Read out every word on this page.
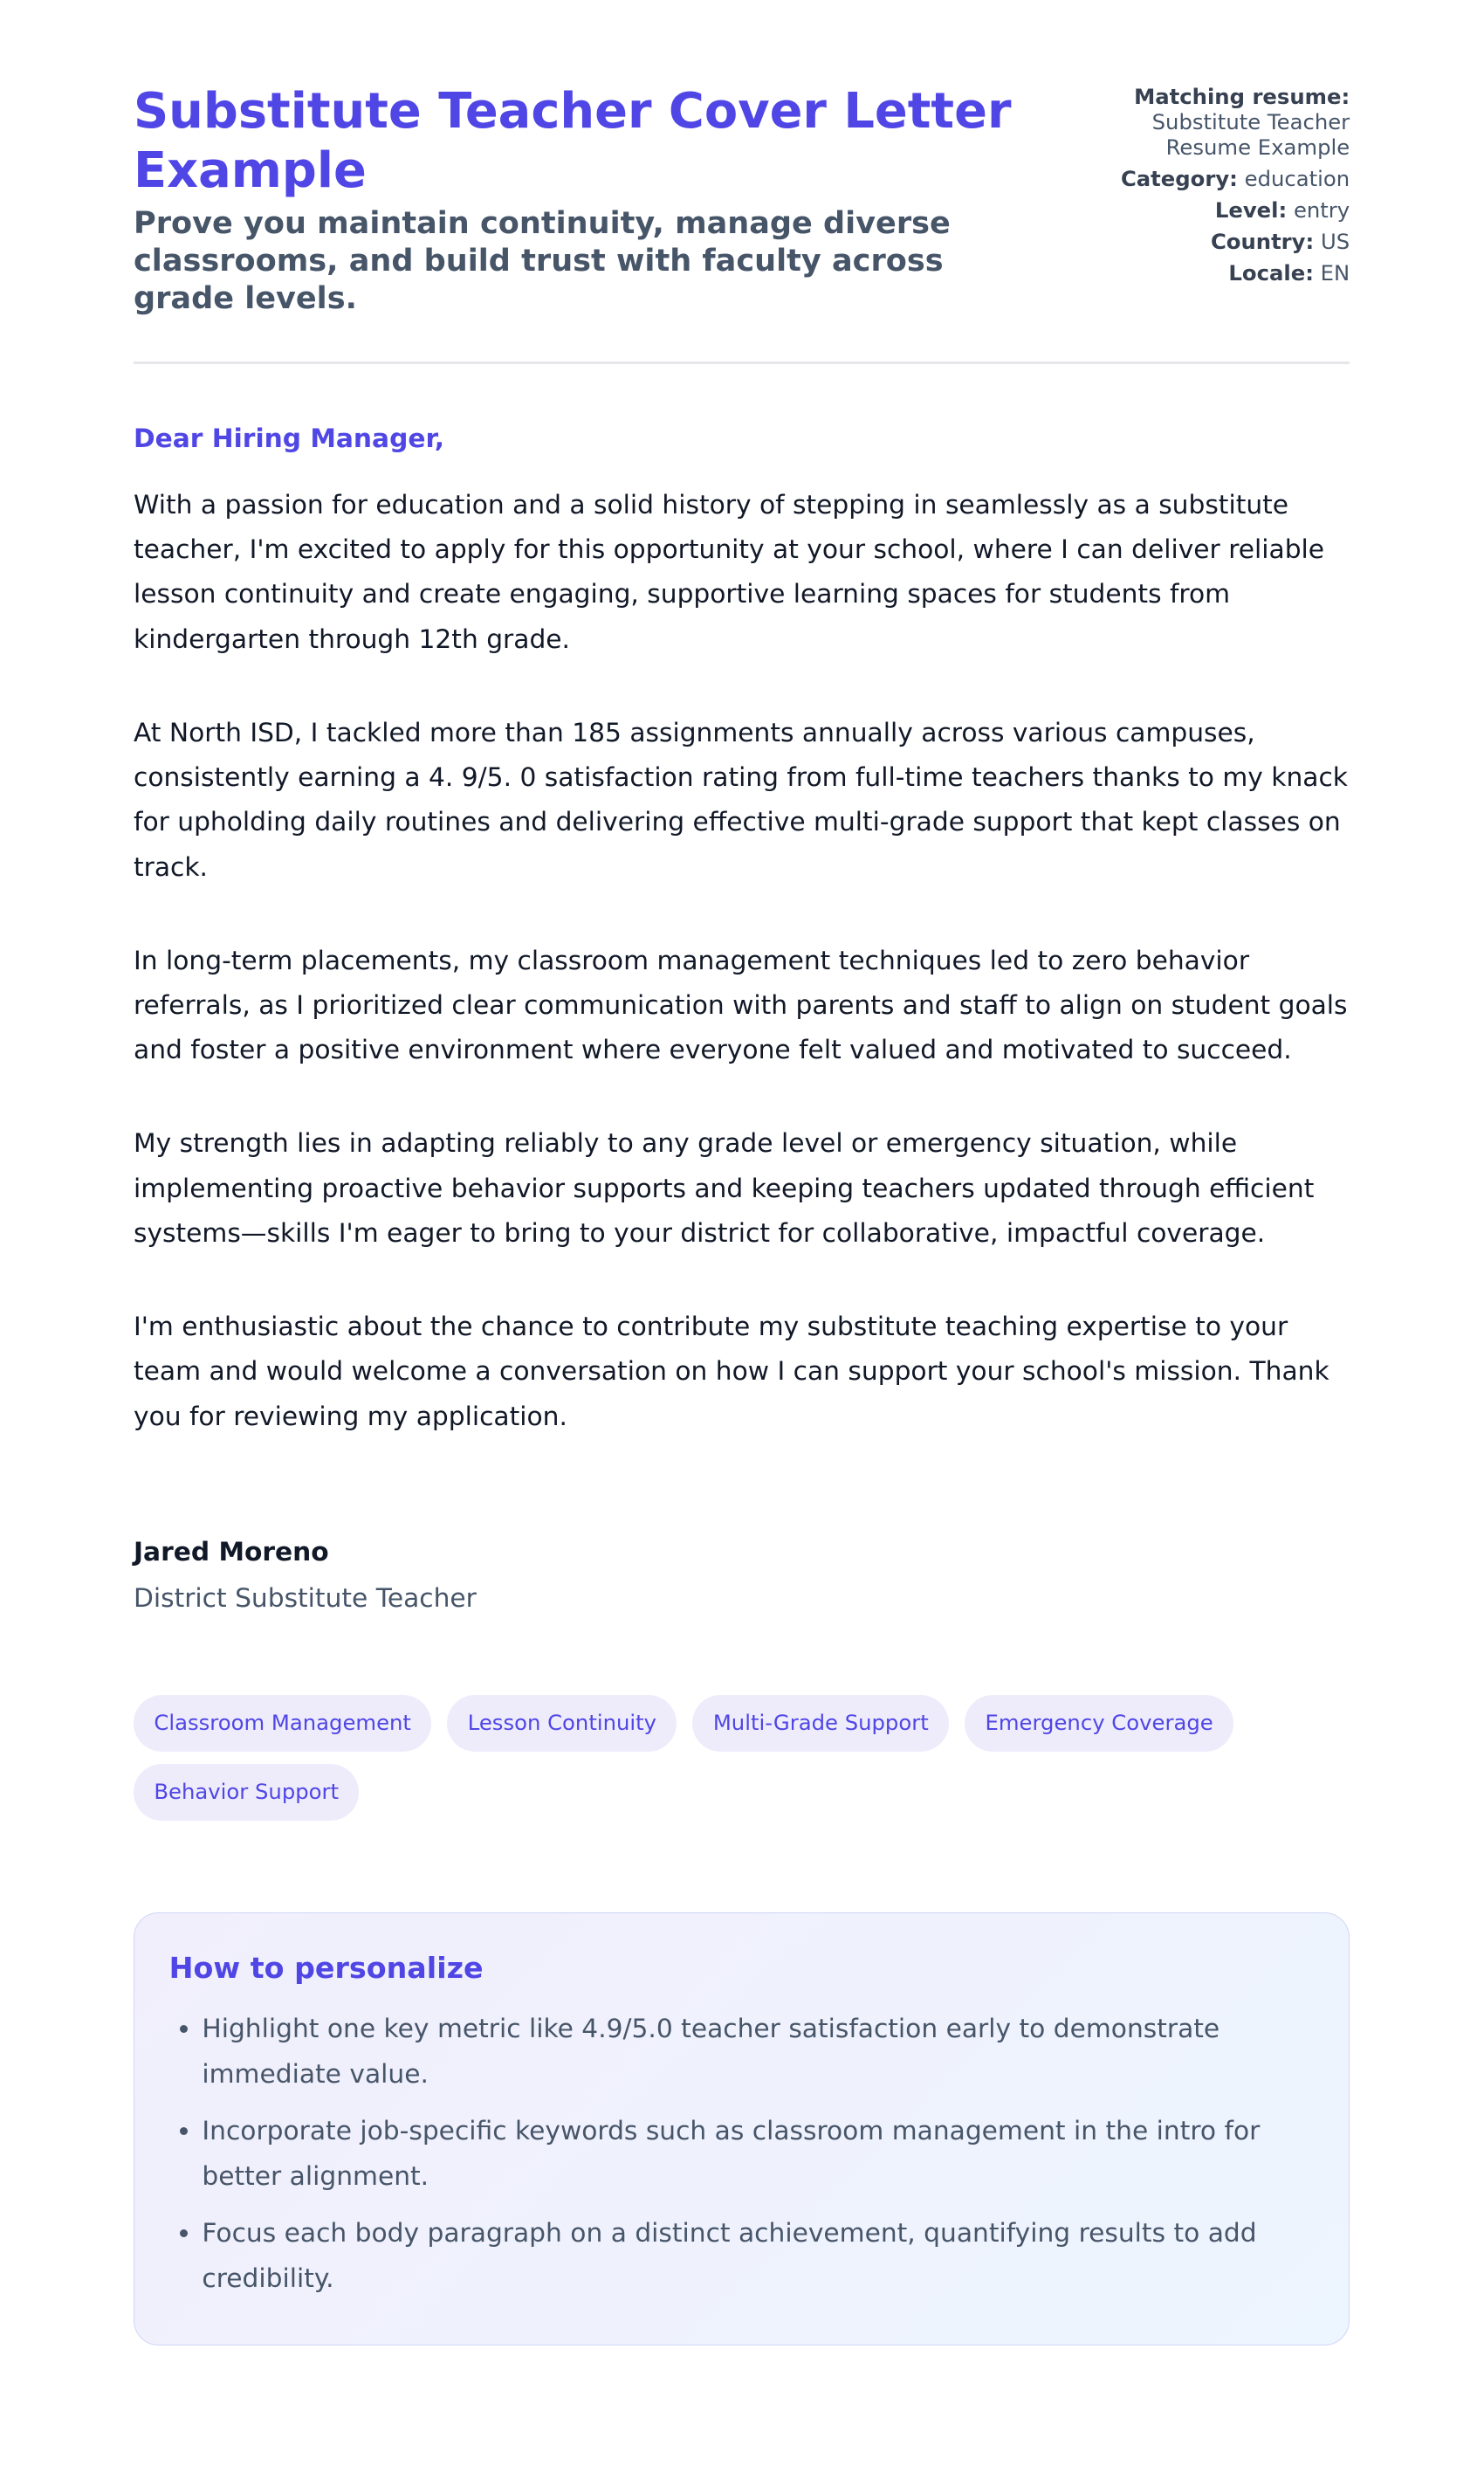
Substitute Teacher Cover Letter Example

Prove you maintain continuity, manage diverse classrooms, and build trust with faculty across grade levels.

Matching resume:
Substitute Teacher Resume Example
Category: education
Level: entry
Country: US
Locale: EN
Dear Hiring Manager,

With a passion for education and a solid history of stepping in seamlessly as a substitute teacher, I'm excited to apply for this opportunity at your school, where I can deliver reliable lesson continuity and create engaging, supportive learning spaces for students from kindergarten through 12th grade.

At North ISD, I tackled more than 185 assignments annually across various campuses, consistently earning a 4. 9/5. 0 satisfaction rating from full-time teachers thanks to my knack for upholding daily routines and delivering effective multi-grade support that kept classes on track.

In long-term placements, my classroom management techniques led to zero behavior referrals, as I prioritized clear communication with parents and staff to align on student goals and foster a positive environment where everyone felt valued and motivated to succeed.

My strength lies in adapting reliably to any grade level or emergency situation, while implementing proactive behavior supports and keeping teachers updated through efficient systems—skills I'm eager to bring to your district for collaborative, impactful coverage.

I'm enthusiastic about the chance to contribute my substitute teaching expertise to your team and would welcome a conversation on how I can support your school's mission. Thank you for reviewing my application.

Jared Moreno
District Substitute Teacher
Classroom Management	Lesson Continuity	Multi-Grade Support	Emergency Coverage
Behavior Support
How to personalize
• Highlight one key metric like 4.9/5.0 teacher satisfaction early to demonstrate immediate value.
• Incorporate job-specific keywords such as classroom management in the intro for better alignment.
• Focus each body paragraph on a distinct achievement, quantifying results to add credibility.
